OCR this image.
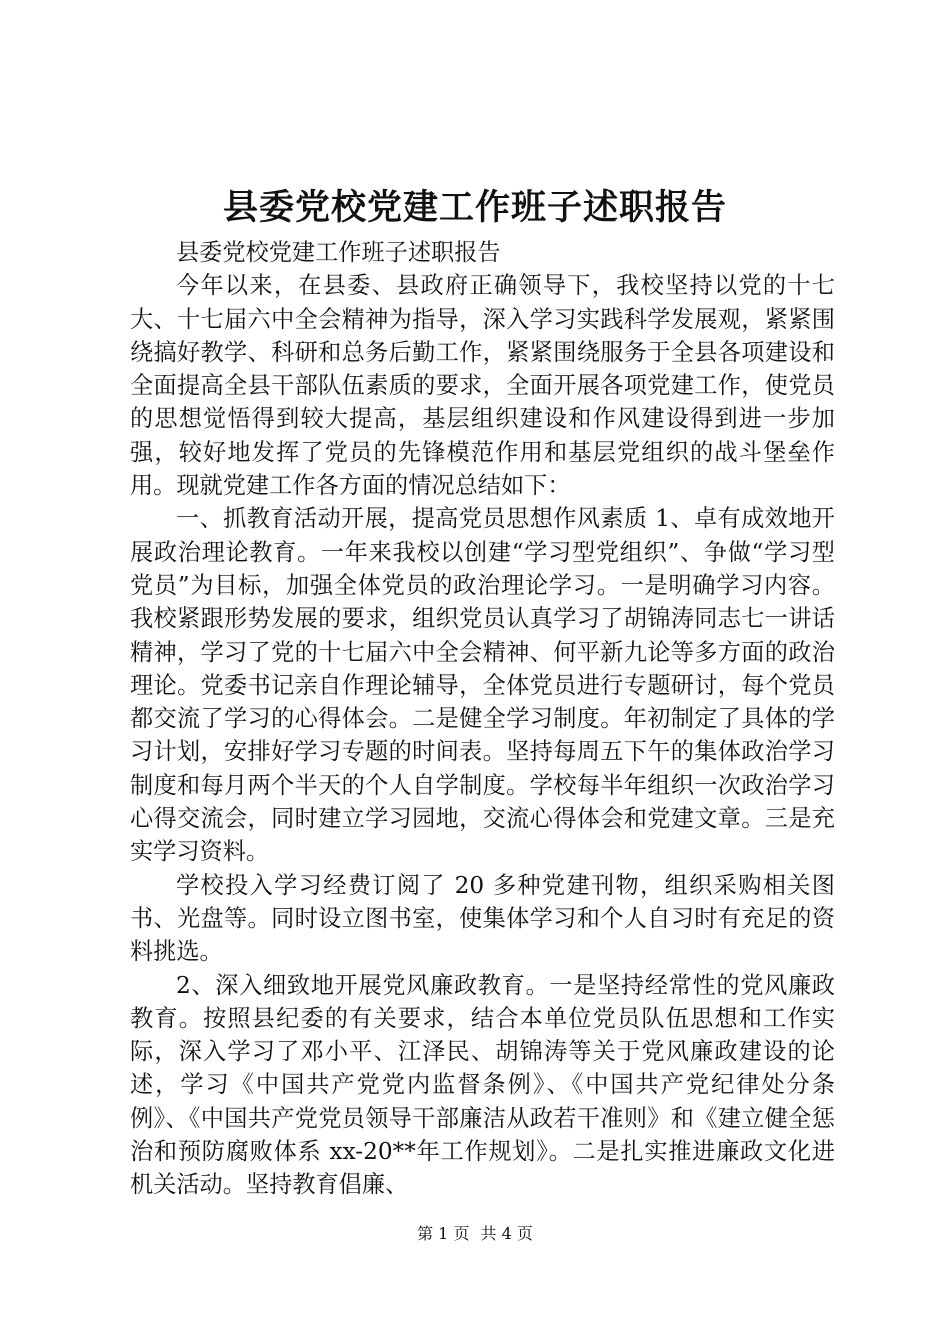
县委党校党建工作班子述职报告

县委党校党建工作班子述职报告

今年以来，在县委、县政府正确领导下，我校坚持以党的十七大、十七届六中全会精神为指导，深入学习实践科学发展观，紧紧围绕搞好教学、科研和总务后勤工作，紧紧围绕服务于全县各项建设和全面提高全县干部队伍素质的要求，全面开展各项党建工作，使党员的思想觉悟得到较大提高，基层组织建设和作风建设得到进一步加强，较好地发挥了党员的先锋模范作用和基层党组织的战斗堡垒作用。现就党建工作各方面的情况总结如下：

一、抓教育活动开展，提高党员思想作风素质 1、卓有成效地开展政治理论教育。一年来我校以创建“学习型党组织”、争做“学习型党员”为目标，加强全体党员的政治理论学习。一是明确学习内容。我校紧跟形势发展的要求，组织党员认真学习了胡锦涛同志七一讲话精神，学习了党的十七届六中全会精神、何平新九论等多方面的政治理论。党委书记亲自作理论辅导，全体党员进行专题研讨，每个党员都交流了学习的心得体会。二是健全学习制度。年初制定了具体的学习计划，安排好学习专题的时间表。坚持每周五下午的集体政治学习制度和每月两个半天的个人自学制度。学校每半年组织一次政治学习心得交流会，同时建立学习园地，交流心得体会和党建文章。三是充实学习资料。

学校投入学习经费订阅了 20 多种党建刊物，组织采购相关图书、光盘等。同时设立图书室，使集体学习和个人自习时有充足的资料挑选。

2、深入细致地开展党风廉政教育。一是坚持经常性的党风廉政教育。按照县纪委的有关要求，结合本单位党员队伍思想和工作实际，深入学习了邓小平、江泽民、胡锦涛等关于党风廉政建设的论述，学习《中国共产党党内监督条例》、《中国共产党纪律处分条例》、《中国共产党党员领导干部廉洁从政若干准则》和《建立健全惩治和预防腐败体系 xx-20**年工作规划》。二是扎实推进廉政文化进机关活动。坚持教育倡廉、

第 1 页 共 4 页
